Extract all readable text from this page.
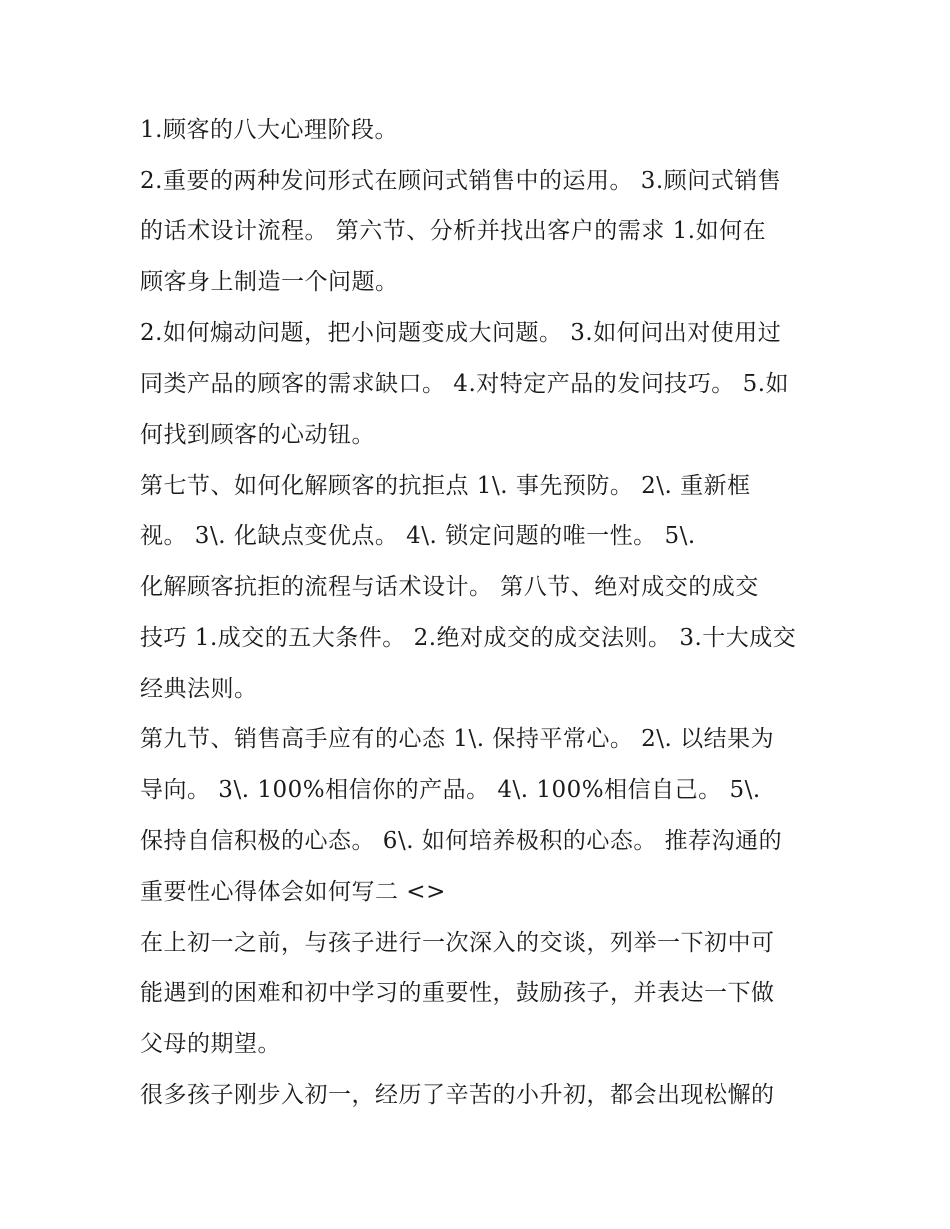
1.顾客的八大心理阶段。

2.重要的两种发问形式在顾问式销售中的运用。 3.顾问式销售

的话术设计流程。 第六节、分析并找出客户的需求 1.如何在

顾客身上制造一个问题。

2.如何煽动问题，把小问题变成大问题。 3.如何问出对使用过

同类产品的顾客的需求缺口。 4.对特定产品的发问技巧。 5.如

何找到顾客的心动钮。

第七节、如何化解顾客的抗拒点 1\. 事先预防。 2\. 重新框

视。 3\. 化缺点变优点。 4\. 锁定问题的唯一性。 5\.

化解顾客抗拒的流程与话术设计。 第八节、绝对成交的成交

技巧 1.成交的五大条件。 2.绝对成交的成交法则。 3.十大成交

经典法则。

第九节、销售高手应有的心态 1\. 保持平常心。 2\. 以结果为

导向。 3\. 100%相信你的产品。 4\. 100%相信自己。 5\.

保持自信积极的心态。 6\. 如何培养极积的心态。 推荐沟通的

重要性心得体会如何写二 <>

在上初一之前，与孩子进行一次深入的交谈，列举一下初中可

能遇到的困难和初中学习的重要性，鼓励孩子，并表达一下做

父母的期望。

很多孩子刚步入初一，经历了辛苦的小升初，都会出现松懈的
